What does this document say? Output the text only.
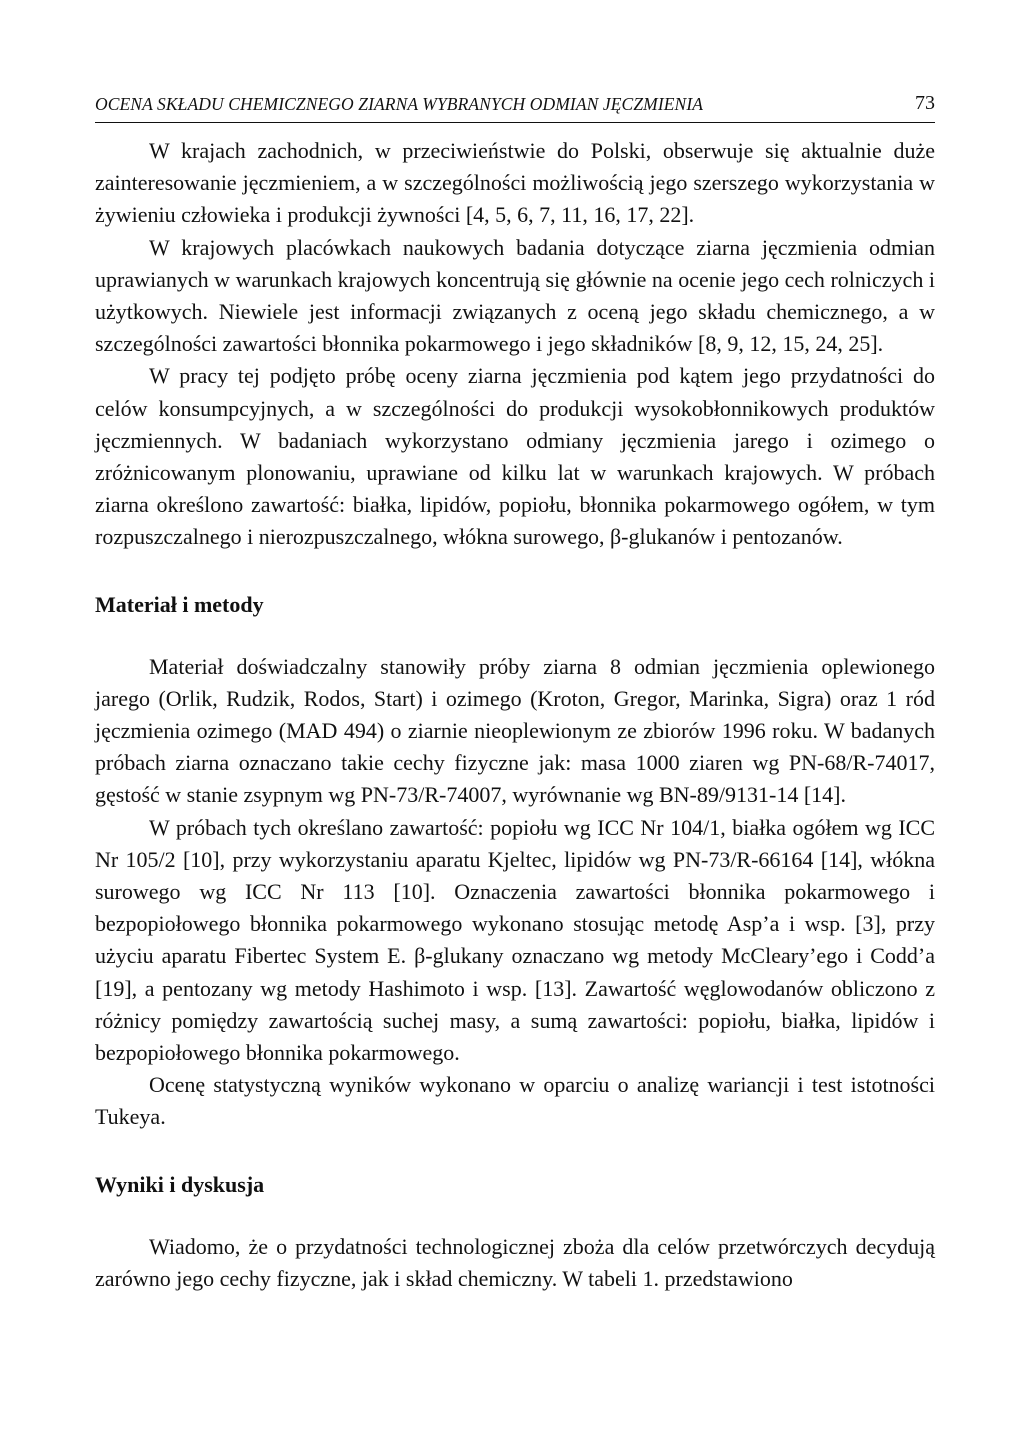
OCENA SKŁADU CHEMICZNEGO ZIARNA WYBRANYCH ODMIAN JĘCZMIENIA	73

W krajach zachodnich, w przeciwieństwie do Polski, obserwuje się aktualnie duże zainteresowanie jęczmieniem, a w szczególności możliwością jego szerszego wykorzystania w żywieniu człowieka i produkcji żywności [4, 5, 6, 7, 11, 16, 17, 22].

W krajowych placówkach naukowych badania dotyczące ziarna jęczmienia odmian uprawianych w warunkach krajowych koncentrują się głównie na ocenie jego cech rolniczych i użytkowych. Niewiele jest informacji związanych z oceną jego składu chemicznego, a w szczególności zawartości błonnika pokarmowego i jego składników [8, 9, 12, 15, 24, 25].

W pracy tej podjęto próbę oceny ziarna jęczmienia pod kątem jego przydatności do celów konsumpcyjnych, a w szczególności do produkcji wysokobłonnikowych produktów jęczmiennych. W badaniach wykorzystano odmiany jęczmienia jarego i ozimego o zróżnicowanym plonowaniu, uprawiane od kilku lat w warunkach krajowych. W próbach ziarna określono zawartość: białka, lipidów, popiołu, błonnika pokarmowego ogółem, w tym rozpuszczalnego i nierozpuszczalnego, włókna surowego, β-glukanów i pentozanów.

Materiał i metody

Materiał doświadczalny stanowiły próby ziarna 8 odmian jęczmienia oplewionego jarego (Orlik, Rudzik, Rodos, Start) i ozimego (Kroton, Gregor, Marinka, Sigra) oraz 1 ród jęczmienia ozimego (MAD 494) o ziarnie nieoplewionym ze zbiorów 1996 roku. W badanych próbach ziarna oznaczano takie cechy fizyczne jak: masa 1000 ziaren wg PN-68/R-74017, gęstość w stanie zsypnym wg PN-73/R-74007, wyrównanie wg BN-89/9131-14 [14].

W próbach tych określano zawartość: popiołu wg ICC Nr 104/1, białka ogółem wg ICC Nr 105/2 [10], przy wykorzystaniu aparatu Kjeltec, lipidów wg PN-73/R-66164 [14], włókna surowego wg ICC Nr 113 [10]. Oznaczenia zawartości błonnika pokarmowego i bezpopiołowego błonnika pokarmowego wykonano stosując metodę Asp’a i wsp. [3], przy użyciu aparatu Fibertec System E. β-glukany oznaczano wg metody McCleary’ego i Codd’a [19], a pentozany wg metody Hashimoto i wsp. [13]. Zawartość węglowodanów obliczono z różnicy pomiędzy zawartością suchej masy, a sumą zawartości: popiołu, białka, lipidów i bezpopiołowego błonnika pokarmowego.

Ocenę statystyczną wyników wykonano w oparciu o analizę wariancji i test istotności Tukeya.

Wyniki i dyskusja

Wiadomo, że o przydatności technologicznej zboża dla celów przetwórczych decydują zarówno jego cechy fizyczne, jak i skład chemiczny. W tabeli 1. przedstawiono
